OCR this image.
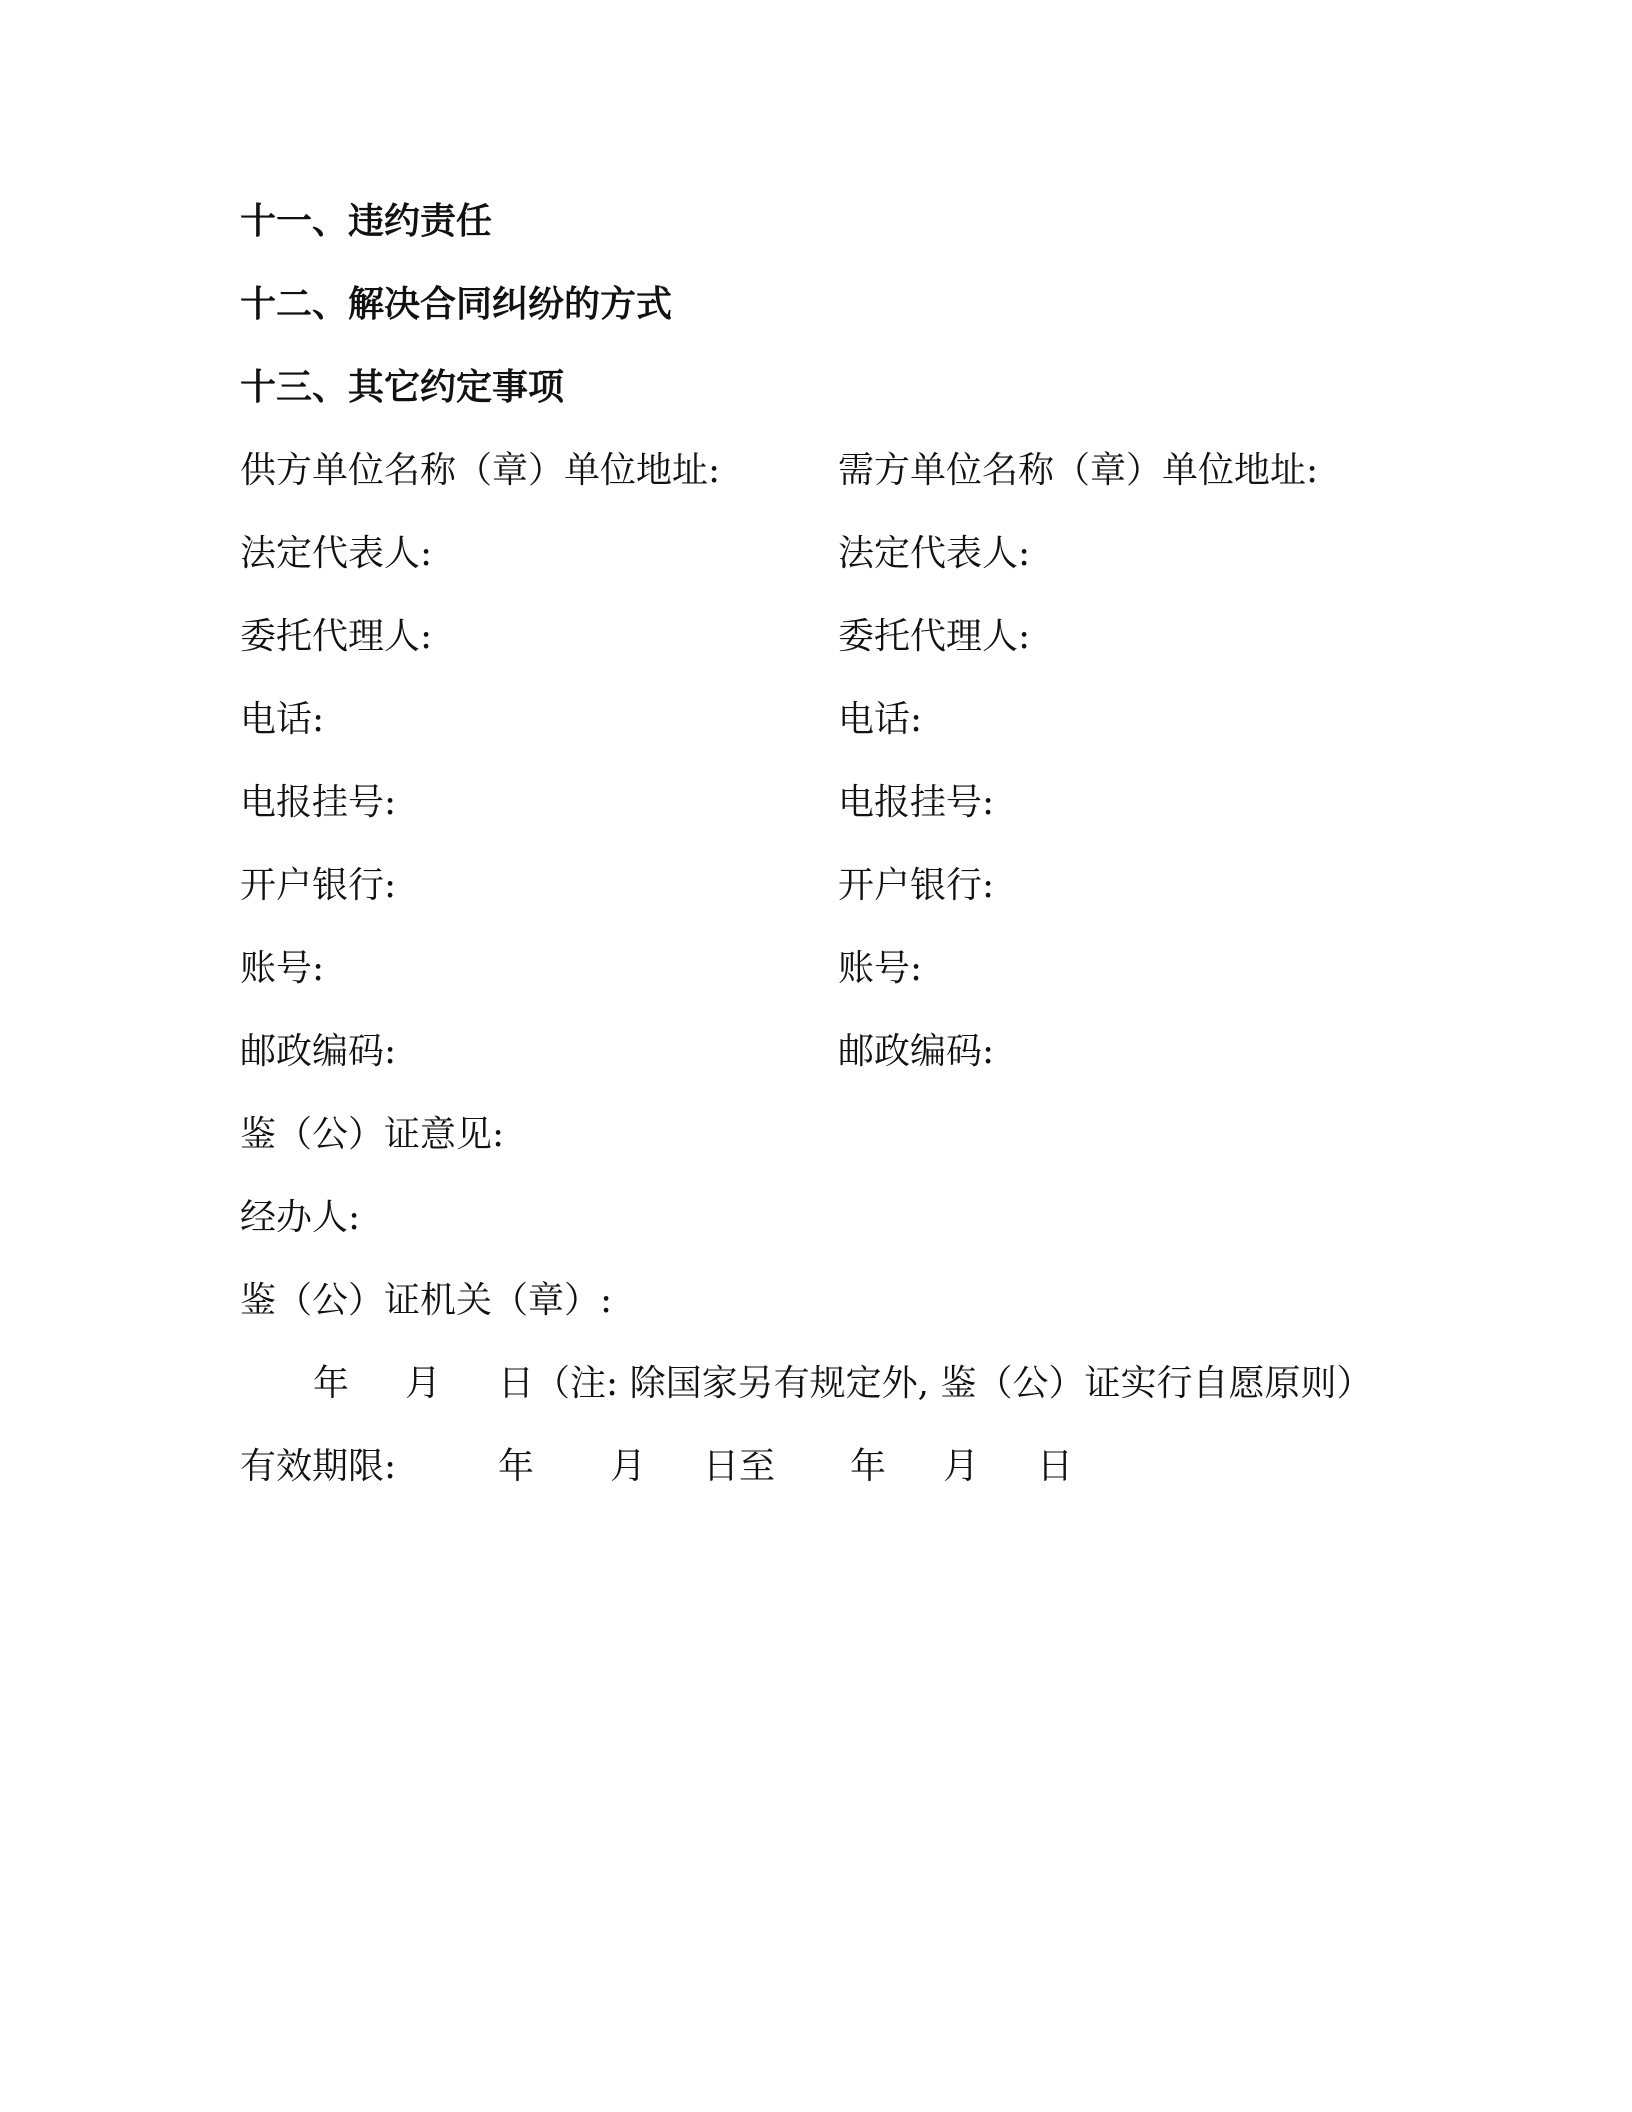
十一、违约责任
十二、解决合同纠纷的方式
十三、其它约定事项
供方单位名称（章）单位地址:
法定代表人:
委托代理人:
电话:
电报挂号:
开户银行:
账号:
邮政编码:
需方单位名称（章）单位地址:
法定代表人:
委托代理人:
电话:
电报挂号:
开户银行:
账号:
邮政编码:
鉴（公）证意见:
经办人:
鉴（公）证机关（章）:
年 月 日（注: 除国家另有规定外, 鉴（公）证实行自愿原则）
有效期限:	年 月 日至 年 月 日
